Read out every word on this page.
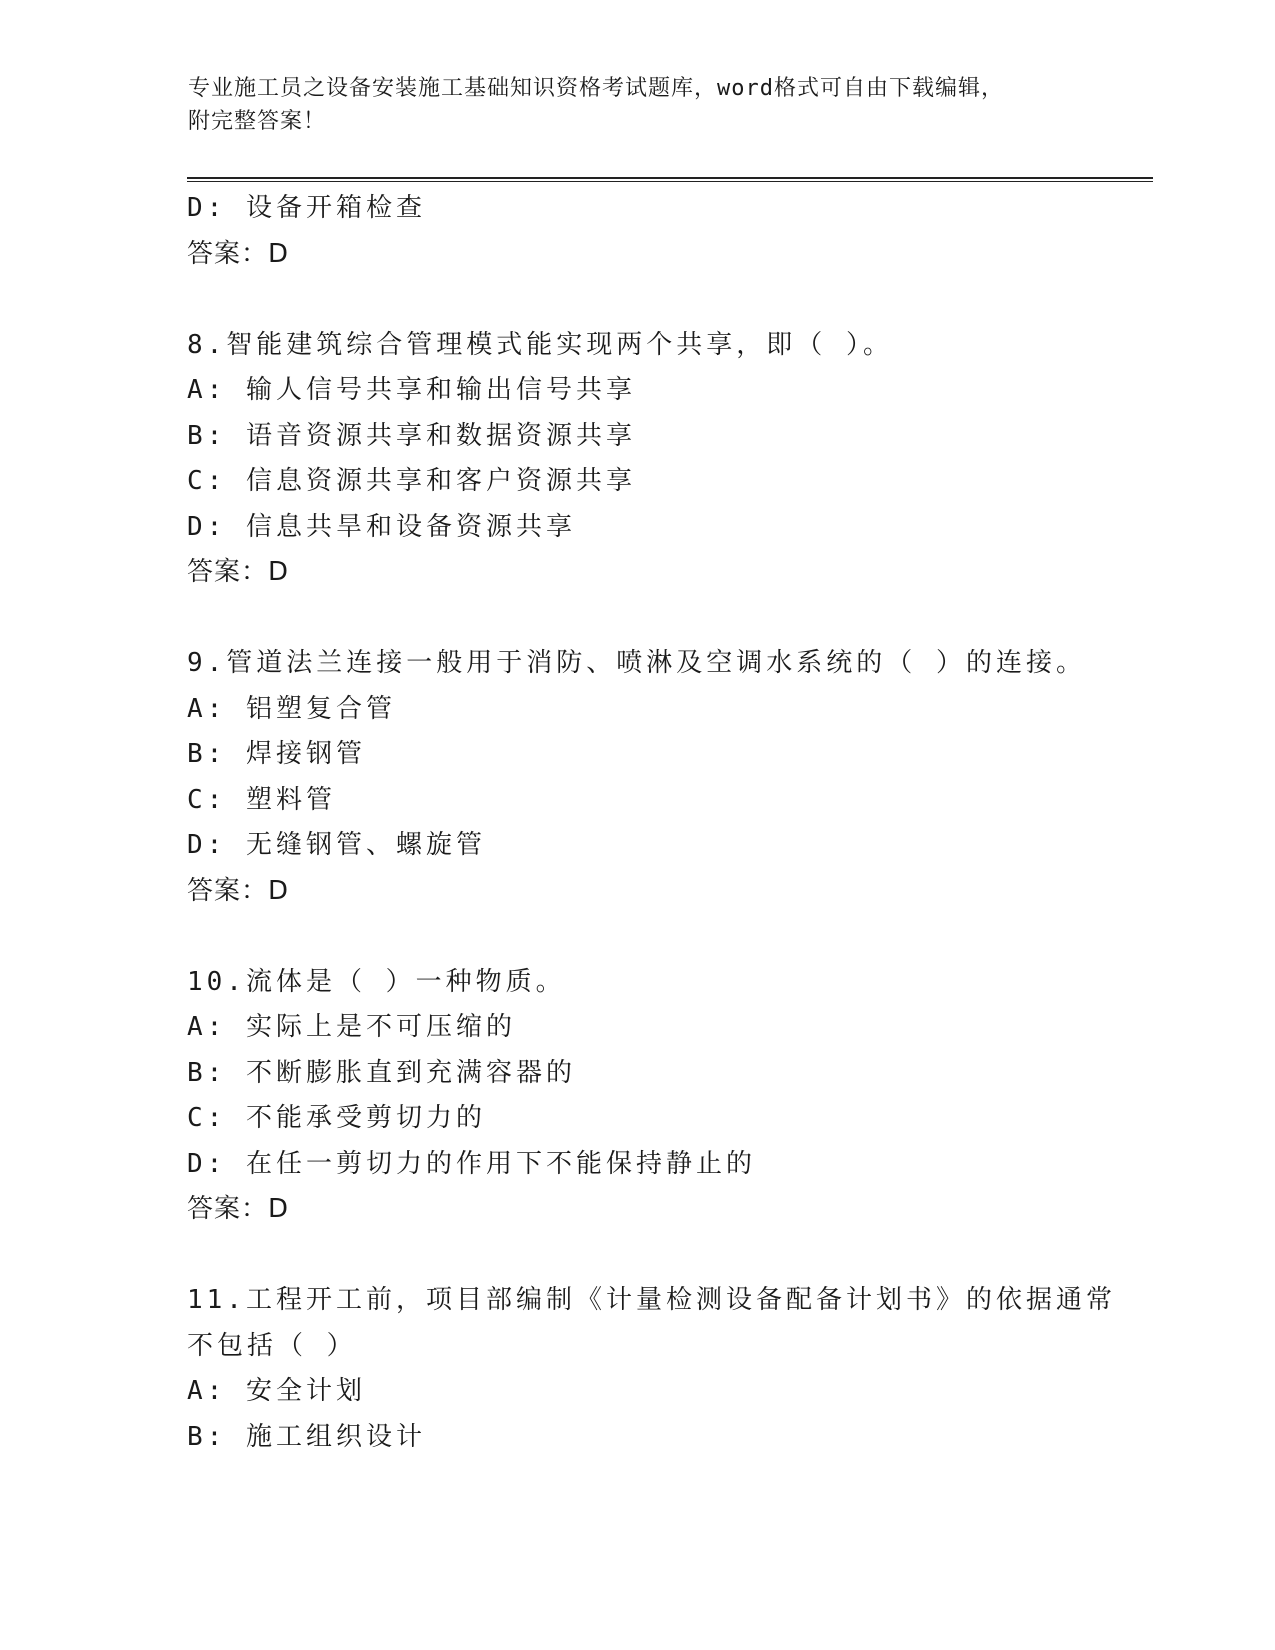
专业施工员之设备安装施工基础知识资格考试题库，word格式可自由下载编辑，
附完整答案！
D: 设备开箱检查
答案：D
8.智能建筑综合管理模式能实现两个共享，即（ ）。
A: 输人信号共享和输出信号共享
B: 语音资源共享和数据资源共享
C: 信息资源共享和客户资源共享
D: 信息共旱和设备资源共享
答案：D
9.管道法兰连接一般用于消防、喷淋及空调水系统的（ ）的连接。
A: 铝塑复合管
B: 焊接钢管
C: 塑料管
D: 无缝钢管、螺旋管
答案：D
10.流体是（ ）一种物质。
A: 实际上是不可压缩的
B: 不断膨胀直到充满容器的
C: 不能承受剪切力的
D: 在任一剪切力的作用下不能保持静止的
答案：D
11.工程开工前，项目部编制《计量检测设备配备计划书》的依据通常
不包括（ ）
A: 安全计划
B: 施工组织设计
